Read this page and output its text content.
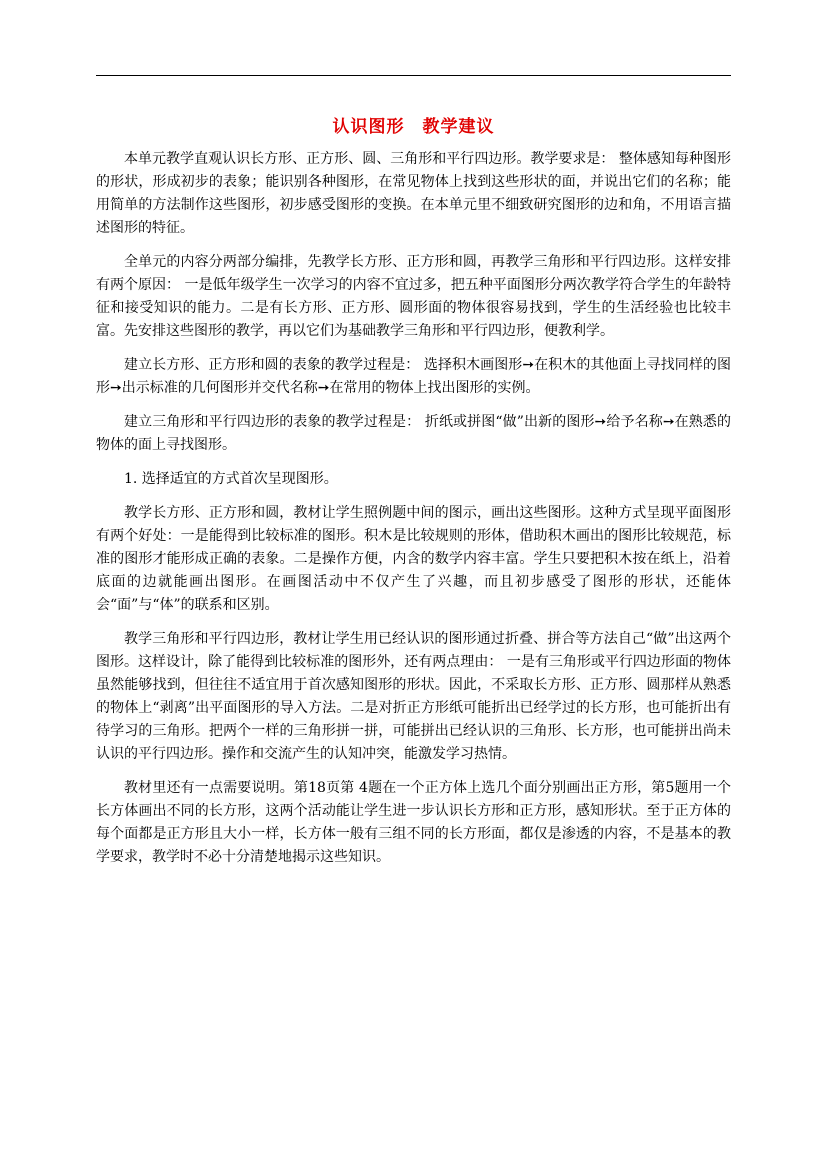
认识图形　教学建议

本单元教学直观认识长方形、正方形、圆、三角形和平行四边形。教学要求是： 整体感知每种图形的形状，形成初步的表象；能识别各种图形，在常见物体上找到这些形状的面，并说出它们的名称；能用简单的方法制作这些图形，初步感受图形的变换。在本单元里不细致研究图形的边和角，不用语言描述图形的特征。

全单元的内容分两部分编排，先教学长方形、正方形和圆，再教学三角形和平行四边形。这样安排有两个原因： 一是低年级学生一次学习的内容不宜过多，把五种平面图形分两次教学符合学生的年龄特征和接受知识的能力。二是有长方形、正方形、圆形面的物体很容易找到，学生的生活经验也比较丰富。先安排这些图形的教学，再以它们为基础教学三角形和平行四边形，便教利学。

建立长方形、正方形和圆的表象的教学过程是： 选择积木画图形➙在积木的其他面上寻找同样的图形➙出示标准的几何图形并交代名称➙在常用的物体上找出图形的实例。

建立三角形和平行四边形的表象的教学过程是： 折纸或拼图“做”出新的图形➙给予名称➙在熟悉的物体的面上寻找图形。

1. 选择适宜的方式首次呈现图形。

教学长方形、正方形和圆，教材让学生照例题中间的图示，画出这些图形。这种方式呈现平面图形有两个好处：一是能得到比较标准的图形。积木是比较规则的形体，借助积木画出的图形比较规范，标准的图形才能形成正确的表象。二是操作方便，内含的数学内容丰富。学生只要把积木按在纸上，沿着底面的边就能画出图形。在画图活动中不仅产生了兴趣，而且初步感受了图形的形状，还能体会“面”与“体”的联系和区别。

教学三角形和平行四边形，教材让学生用已经认识的图形通过折叠、拼合等方法自己“做”出这两个图形。这样设计，除了能得到比较标准的图形外，还有两点理由： 一是有三角形或平行四边形面的物体虽然能够找到，但往往不适宜用于首次感知图形的形状。因此，不采取长方形、正方形、圆那样从熟悉的物体上“剥离”出平面图形的导入方法。二是对折正方形纸可能折出已经学过的长方形，也可能折出有待学习的三角形。把两个一样的三角形拼一拼，可能拼出已经认识的三角形、长方形，也可能拼出尚未认识的平行四边形。操作和交流产生的认知冲突，能激发学习热情。

教材里还有一点需要说明。第18页第 4题在一个正方体上选几个面分别画出正方形，第5题用一个长方体画出不同的长方形，这两个活动能让学生进一步认识长方形和正方形，感知形状。至于正方体的每个面都是正方形且大小一样，长方体一般有三组不同的长方形面，都仅是渗透的内容，不是基本的教学要求，教学时不必十分清楚地揭示这些知识。
